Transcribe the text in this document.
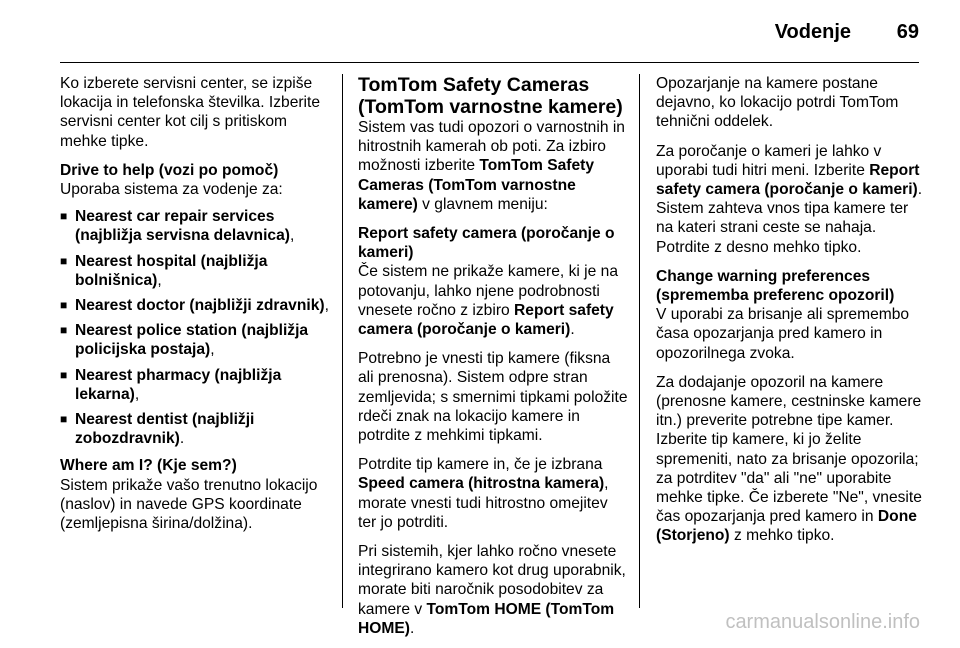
Vodenje 69

Ko izberete servisni center, se izpiše lokacija in telefonska številka. Izberite servisni center kot cilj s pritiskom mehke tipke.

Drive to help (vozi po pomoč)
Uporaba sistema za vodenje za:
■ Nearest car repair services (najbližja servisna delavnica),
■ Nearest hospital (najbližja bolnišnica),
■ Nearest doctor (najbližji zdravnik),
■ Nearest police station (najbližja policijska postaja),
■ Nearest pharmacy (najbližja lekarna),
■ Nearest dentist (najbližji zobozdravnik).
Where am I? (Kje sem?)
Sistem prikaže vašo trenutno lokacijo (naslov) in navede GPS koordinate (zemljepisna širina/dolžina).
TomTom Safety Cameras (TomTom varnostne kamere)

Sistem vas tudi opozori o varnostnih in hitrostnih kamerah ob poti. Za izbiro možnosti izberite TomTom Safety Cameras (TomTom varnostne kamere) v glavnem meniju:

Report safety camera (poročanje o kameri)

Če sistem ne prikaže kamere, ki je na potovanju, lahko njene podrobnosti vnesete ročno z izbiro Report safety camera (poročanje o kameri).

Potrebno je vnesti tip kamere (fiksna ali prenosna). Sistem odpre stran zemljevida; s smernimi tipkami položite rdeči znak na lokacijo kamere in potrdite z mehkimi tipkami.

Potrdite tip kamere in, če je izbrana Speed camera (hitrostna kamera), morate vnesti tudi hitrostno omejitev ter jo potrditi.

Pri sistemih, kjer lahko ročno vnesete integrirano kamero kot drug uporabnik, morate biti naročnik posodobitev za kamere v TomTom HOME (TomTom HOME).

Opozarjanje na kamere postane dejavno, ko lokacijo potrdi TomTom tehnični oddelek.

Za poročanje o kameri je lahko v uporabi tudi hitri meni. Izberite Report safety camera (poročanje o kameri). Sistem zahteva vnos tipa kamere ter na kateri strani ceste se nahaja. Potrdite z desno mehko tipko.

Change warning preferences (sprememba preferenc opozoril)

V uporabi za brisanje ali spremembo časa opozarjanja pred kamero in opozorilnega zvoka.

Za dodajanje opozoril na kamere (prenosne kamere, cestninske kamere itn.) preverite potrebne tipe kamer. Izberite tip kamere, ki jo želite spremeniti, nato za brisanje opozorila; za potrditev "da" ali "ne" uporabite mehke tipke. Če izberete "Ne", vnesite čas opozarjanja pred kamero in Done (Storjeno) z mehko tipko.

carmanualsonline.info
